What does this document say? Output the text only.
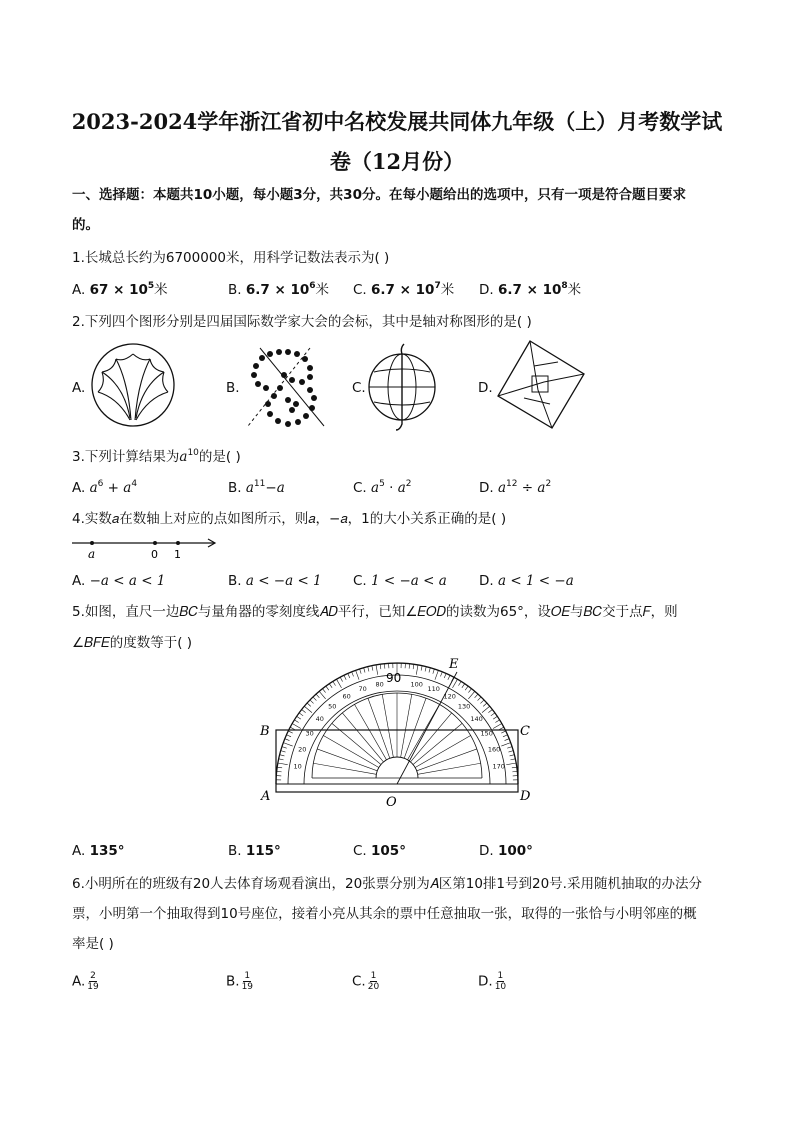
2023-2024学年浙江省初中名校发展共同体九年级（上）月考数学试
卷（12月份）
一、选择题：本题共10小题，每小题3分，共30分。在每小题给出的选项中，只有一项是符合题目要求
的。
1.长城总长约为6700000米，用科学记数法表示为( )
A. $67 \times 10^5$米	B. $6.7 \times 10^6$米 C. $6.7 \times 10^7$米 D. $6.7 \times 10^8$米
2.下列四个图形分别是四届国际数学家大会的会标，其中是轴对称图形的是( )
A.	B.	C.	D.
3.下列计算结果为$a^{10}$的是( )
A. $a^6 + a^4$	B. $a^{11}-a$	C. $a^5 \cdot a^2$	D. $a^{12} \div a^2$
4.实数𝑎在数轴上对应的点如图所示，则𝑎，−𝑎，1的大小关系正确的是( )
a	0 1
A. −a < a < 1	B. a < −a < 1 C. 1 < −a < a D. a < 1 < −a
5.如图，直尺一边𝐵𝐶与量角器的零刻度线𝐴𝐷平行，已知∠𝐸𝑂𝐷的读数为65°，设𝑂𝐸与𝐵𝐶交于点𝐹，则
∠𝐵𝐹𝐸的度数等于( )
90
E
B	C
A	O	D
10
20
30
40
50
60
70
80	100
110
120
130
140
150
160
170
A. 135°	B. 115°	C. 105°	D. 100°
6.小明所在的班级有20人去体育场观看演出，20张票分别为𝐴区第10排1号到20号.采用随机抽取的办法分
票，小明第一个抽取得到10号座位，接着小亮从其余的票中任意抽取一张，取得的一张恰与小明邻座的概
率是( )
A. $\frac{2}{19}$	B. $\frac{1}{19}$	C. $\frac{1}{20}$	D. $\frac{1}{10}$
